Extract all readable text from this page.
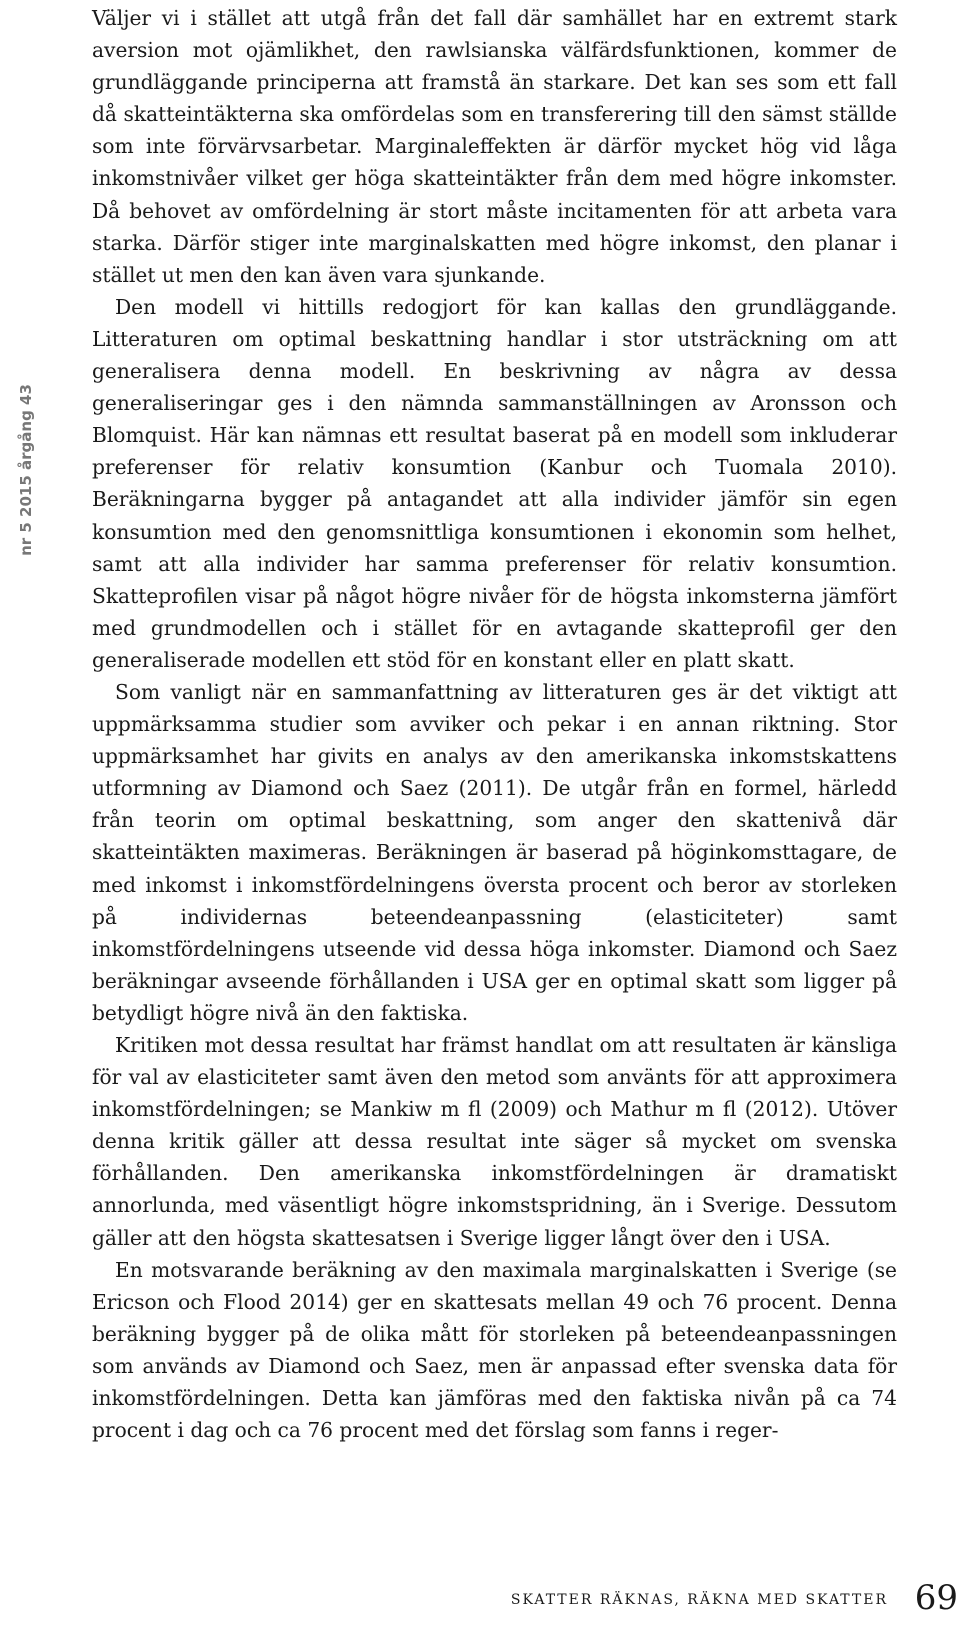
nr 5 2015 årgång 43

Väljer vi i stället att utgå från det fall där samhället har en extremt stark aversion mot ojämlikhet, den rawlsianska välfärdsfunktionen, kommer de grundläggande principerna att framstå än starkare. Det kan ses som ett fall då skatteintäkterna ska omfördelas som en transferering till den sämst ställde som inte förvärvsarbetar. Marginaleffekten är därför mycket hög vid låga inkomstnivåer vilket ger höga skatteintäkter från dem med högre inkomster. Då behovet av omfördelning är stort måste incitamenten för att arbeta vara starka. Därför stiger inte marginalskatten med högre inkomst, den planar i stället ut men den kan även vara sjunkande.

Den modell vi hittills redogjort för kan kallas den grundläggande. Litteraturen om optimal beskattning handlar i stor utsträckning om att generalisera denna modell. En beskrivning av några av dessa generaliseringar ges i den nämnda sammanställningen av Aronsson och Blomquist. Här kan nämnas ett resultat baserat på en modell som inkluderar preferenser för relativ konsumtion (Kanbur och Tuomala 2010). Beräkningarna bygger på antagandet att alla individer jämför sin egen konsumtion med den genomsnittliga konsumtionen i ekonomin som helhet, samt att alla individer har samma preferenser för relativ konsumtion. Skatteprofilen visar på något högre nivåer för de högsta inkomsterna jämfört med grundmodellen och i stället för en avtagande skatteprofil ger den generaliserade modellen ett stöd för en konstant eller en platt skatt.

Som vanligt när en sammanfattning av litteraturen ges är det viktigt att uppmärksamma studier som avviker och pekar i en annan riktning. Stor uppmärksamhet har givits en analys av den amerikanska inkomstskattens utformning av Diamond och Saez (2011). De utgår från en formel, härledd från teorin om optimal beskattning, som anger den skattenivå där skatteintäkten maximeras. Beräkningen är baserad på höginkomsttagare, de med inkomst i inkomstfördelningens översta procent och beror av storleken på individernas beteendeanpassning (elasticiteter) samt inkomstfördelningens utseende vid dessa höga inkomster. Diamond och Saez beräkningar avseende förhållanden i USA ger en optimal skatt som ligger på betydligt högre nivå än den faktiska.

Kritiken mot dessa resultat har främst handlat om att resultaten är känsliga för val av elasticiteter samt även den metod som använts för att approximera inkomstfördelningen; se Mankiw m fl (2009) och Mathur m fl (2012). Utöver denna kritik gäller att dessa resultat inte säger så mycket om svenska förhållanden. Den amerikanska inkomstfördelningen är dramatiskt annorlunda, med väsentligt högre inkomstspridning, än i Sverige. Dessutom gäller att den högsta skattesatsen i Sverige ligger långt över den i USA.

En motsvarande beräkning av den maximala marginalskatten i Sverige (se Ericson och Flood 2014) ger en skattesats mellan 49 och 76 procent. Denna beräkning bygger på de olika mått för storleken på beteendeanpassningen som används av Diamond och Saez, men är anpassad efter svenska data för inkomstfördelningen. Detta kan jämföras med den faktiska nivån på ca 74 procent i dag och ca 76 procent med det förslag som fanns i reger-

SKATTER RÄKNAS, RÄKNA MED SKATTER 69
